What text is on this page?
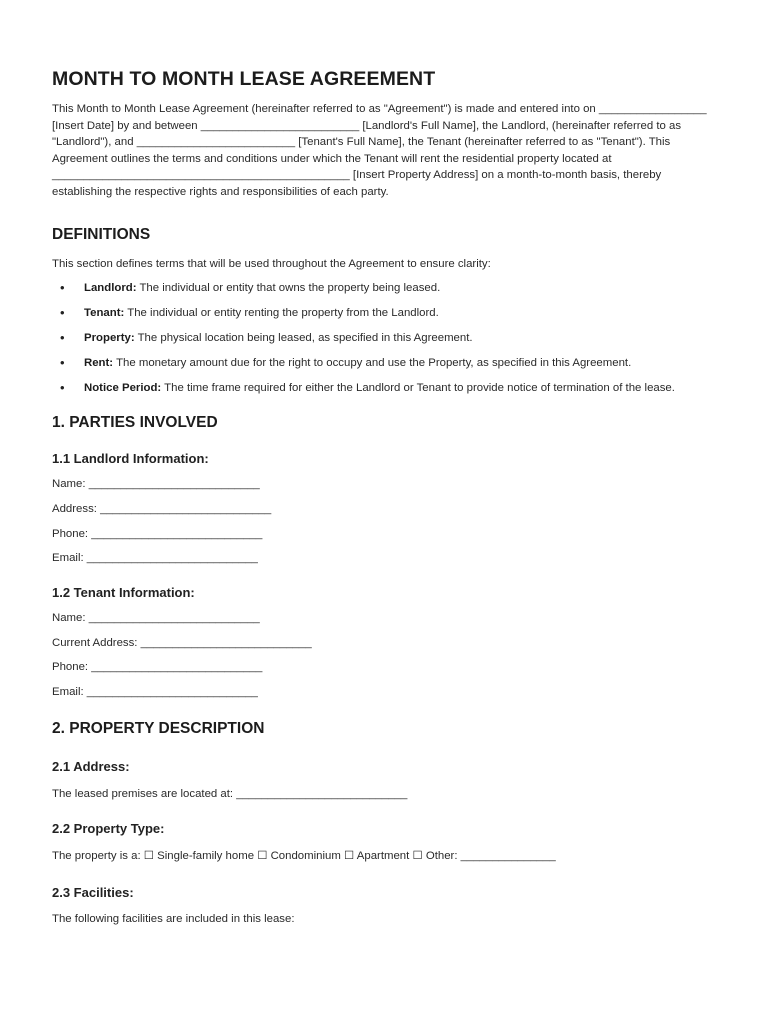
MONTH TO MONTH LEASE AGREEMENT

This Month to Month Lease Agreement (hereinafter referred to as "Agreement") is made and entered into on _________________ [Insert Date] by and between _________________________ [Landlord's Full Name], the Landlord, (hereinafter referred to as "Landlord"), and _________________________ [Tenant's Full Name], the Tenant (hereinafter referred to as "Tenant"). This Agreement outlines the terms and conditions under which the Tenant will rent the residential property located at _______________________________________________ [Insert Property Address] on a month-to-month basis, thereby establishing the respective rights and responsibilities of each party.

DEFINITIONS

This section defines terms that will be used throughout the Agreement to ensure clarity:

• Landlord: The individual or entity that owns the property being leased.
• Tenant: The individual or entity renting the property from the Landlord.
• Property: The physical location being leased, as specified in this Agreement.
• Rent: The monetary amount due for the right to occupy and use the Property, as specified in this Agreement.
• Notice Period: The time frame required for either the Landlord or Tenant to provide notice of termination of the lease.
1. PARTIES INVOLVED
1.1 Landlord Information:

Name: ___________________________

Address: ___________________________

Phone: ___________________________

Email: ___________________________

1.2 Tenant Information:

Name: ___________________________

Current Address: ___________________________

Phone: ___________________________

Email: ___________________________

2. PROPERTY DESCRIPTION
2.1 Address:

The leased premises are located at: ___________________________

2.2 Property Type:

The property is a: ☐ Single-family home ☐ Condominium ☐ Apartment ☐ Other: _______________

2.3 Facilities:

The following facilities are included in this lease:
